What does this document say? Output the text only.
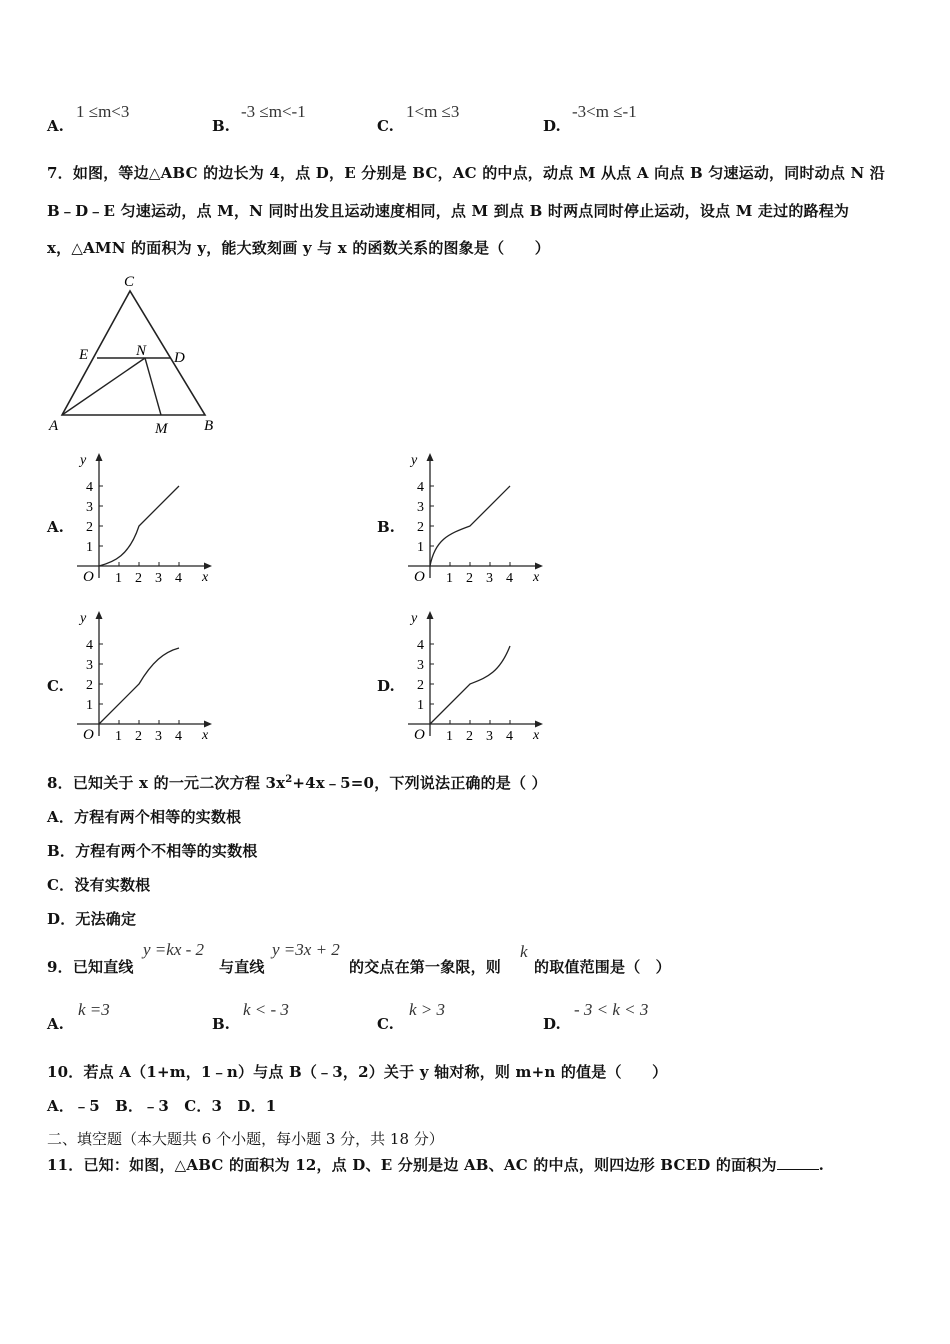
A.
1 ≤m<3
B.
-3 ≤m<-1
C.
1<m ≤3
D.
-3<m ≤-1
7．如图，等边△ABC 的边长为 4，点 D，E 分别是 BC，AC 的中点，动点 M 从点 A 向点 B 匀速运动，同时动点 N 沿
B﹣D﹣E 匀速运动，点 M，N 同时出发且运动速度相同，点 M 到点 B 时两点同时停止运动，设点 M 走过的路程为
x，△AMN 的面积为 y，能大致刻画 y 与 x 的函数关系的图象是（　　）
C
E	N D
A	M B
A.	B.
C.	D.
y
x
O 1 2 3 4
1
2
3
4
y
x
O 1 2 3 4
1
2
3
4
y
x
O 1 2 3 4
1
2
3
4
y
x
O 1 2 3 4
1
2
3
4
8．已知关于 x 的一元二次方程 $3x^2+4x﹣5=0$，下列说法正确的是（ ）
A．方程有两个相等的实数根
B．方程有两个不相等的实数根
C．没有实数根
D．无法确定
9．已知直线
y =kx - 2
与直线
y =3x + 2
的交点在第一象限，则
k
的取值范围是（　）
A.
k =3
B.
k < - 3
C.
k > 3
D.
- 3 < k < 3
10．若点 A（1+m，1﹣n）与点 B（﹣3，2）关于 y 轴对称，则 m+n 的值是（　　）
A．﹣5　B．﹣3　C．3　D．1
二、填空题（本大题共 6 个小题，每小题 3 分，共 18 分）
11．已知：如图，△ABC 的面积为 12，点 D、E 分别是边 AB、AC 的中点，则四边形 BCED 的面积为	.
